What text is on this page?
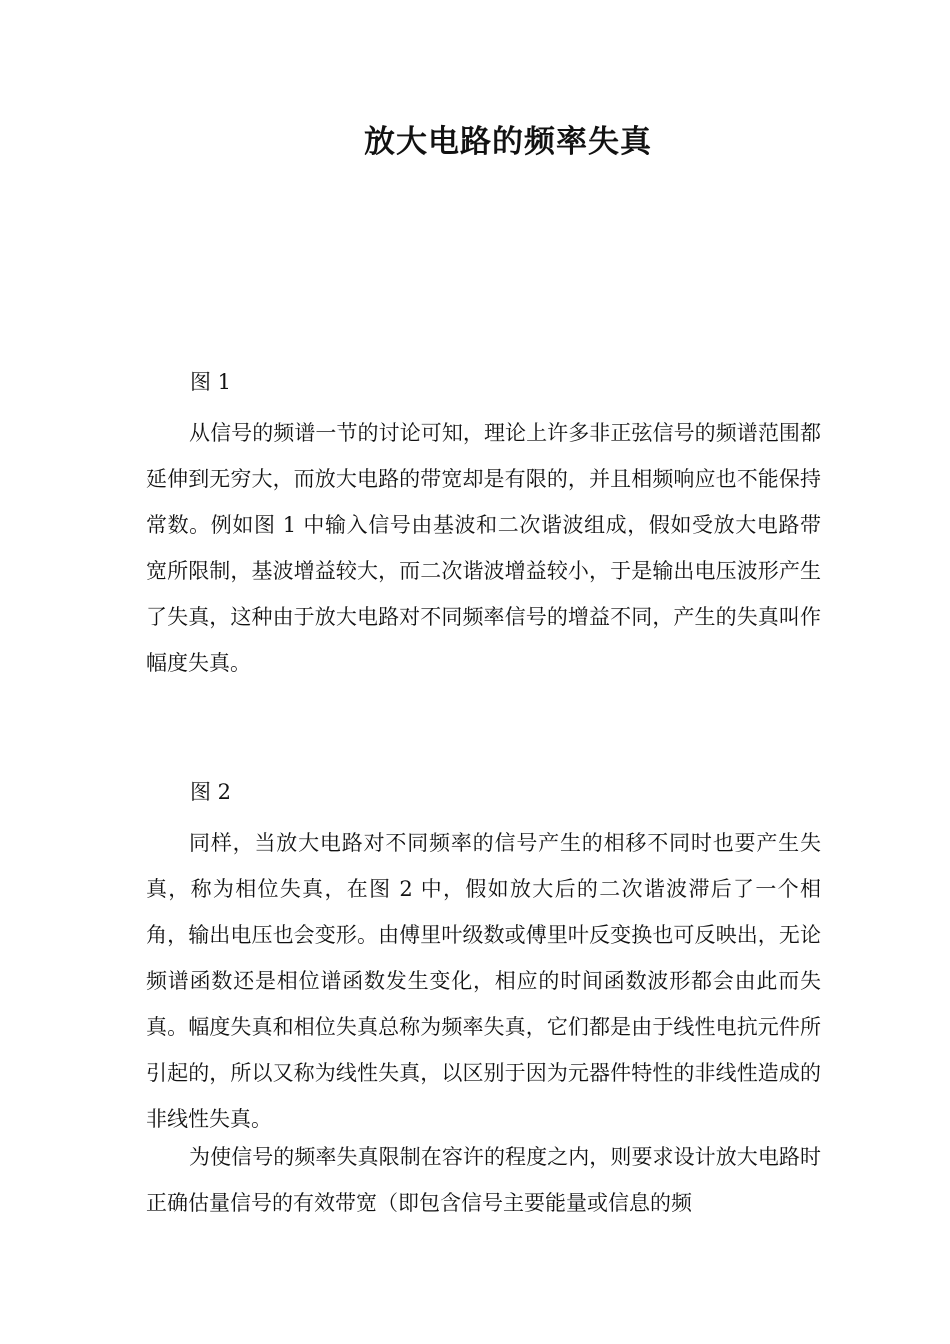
放大电路的频率失真
图 1

从信号的频谱一节的讨论可知，理论上许多非正弦信号的频谱范围都延伸到无穷大，而放大电路的带宽却是有限的，并且相频响应也不能保持常数。例如图 1 中输入信号由基波和二次谐波组成，假如受放大电路带宽所限制，基波增益较大，而二次谐波增益较小，于是输出电压波形产生了失真，这种由于放大电路对不同频率信号的增益不同，产生的失真叫作幅度失真。

图 2

同样，当放大电路对不同频率的信号产生的相移不同时也要产生失真，称为相位失真，在图 2 中，假如放大后的二次谐波滞后了一个相角，输出电压也会变形。由傅里叶级数或傅里叶反变换也可反映出，无论频谱函数还是相位谱函数发生变化，相应的时间函数波形都会由此而失真。幅度失真和相位失真总称为频率失真，它们都是由于线性电抗元件所引起的，所以又称为线性失真，以区别于因为元器件特性的非线性造成的非线性失真。

为使信号的频率失真限制在容许的程度之内，则要求设计放大电路时正确估量信号的有效带宽（即包含信号主要能量或信息的频
